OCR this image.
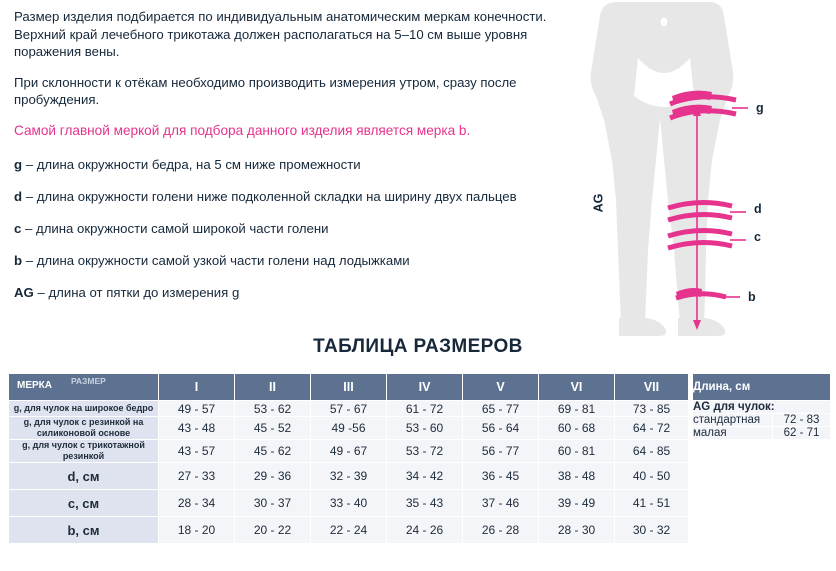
Размер изделия подбирается по индивидуальным анатомическим меркам конечности. Верхний край лечебного трикотажа должен располагаться на 5–10 см выше уровня поражения вены.

При склонности к отёкам необходимо производить измерения утром, сразу после пробуждения.

Самой главной меркой для подбора данного изделия является мерка b.

g – длина окружности бедра, на 5 см ниже промежности
d – длина окружности голени ниже подколенной складки на ширину двух пальцев
c – длина окружности самой широкой части голени
b – длина окружности самой узкой части голени над лодыжками
AG – длина от пятки до измерения g
g
d
c
b
AG
ТАБЛИЦА РАЗМЕРОВ
МЕРКА РАЗМЕР	I	II	III	IV	V	VI	VII
g, для чулок на широкое бедро	49 - 57	53 - 62	57 - 67	61 - 72	65 - 77	69 - 81	73 - 85
g, для чулок с резинкой на силиконовой основе	43 - 48	45 - 52	49 -56	53 - 60	56 - 64	60 - 68	64 - 72
g, для чулок с трикотажной резинкой	43 - 57	45 - 62	49 - 67	53 - 72	56 - 77	60 - 81	64 - 85
d, см	27 - 33	29 - 36	32 - 39	34 - 42	36 - 45	38 - 48	40 - 50
c, см	28 - 34	30 - 37	33 - 40	35 - 43	37 - 46	39 - 49	41 - 51
b, см	18 - 20	20 - 22	22 - 24	24 - 26	26 - 28	28 - 30	30 - 32
Длина, см	
AG для чулок:	
стандартная	72 - 83
малая	62 - 71
